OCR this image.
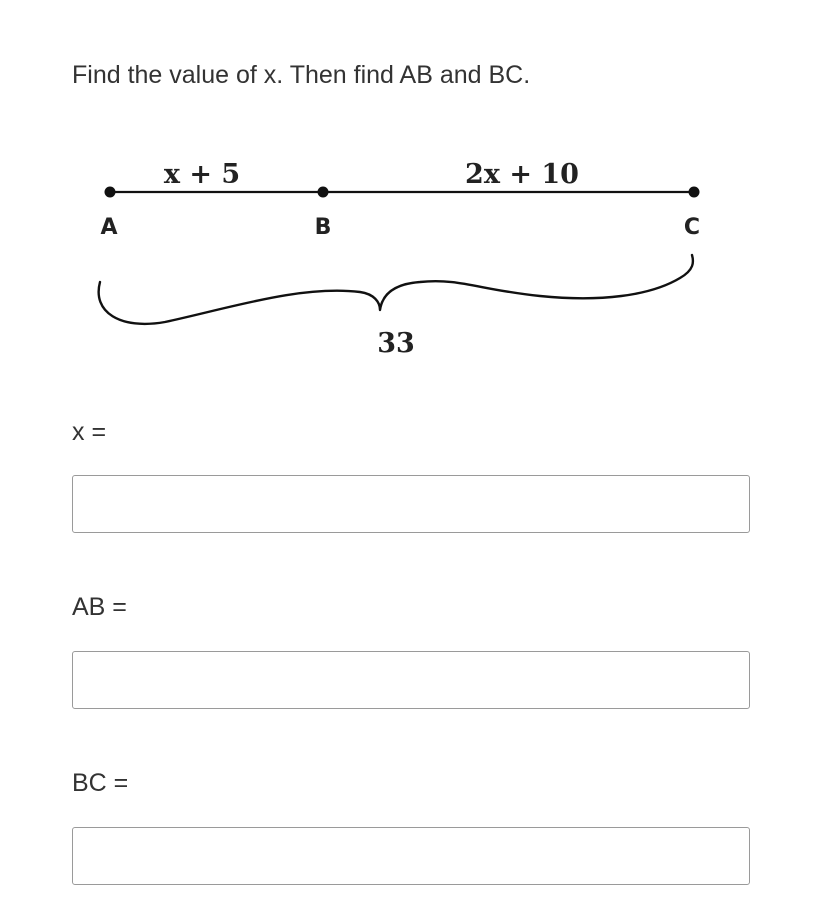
Find the value of x. Then find AB and BC.
x + 5	2x + 10
A	B	C
33
x =
AB =
BC =
